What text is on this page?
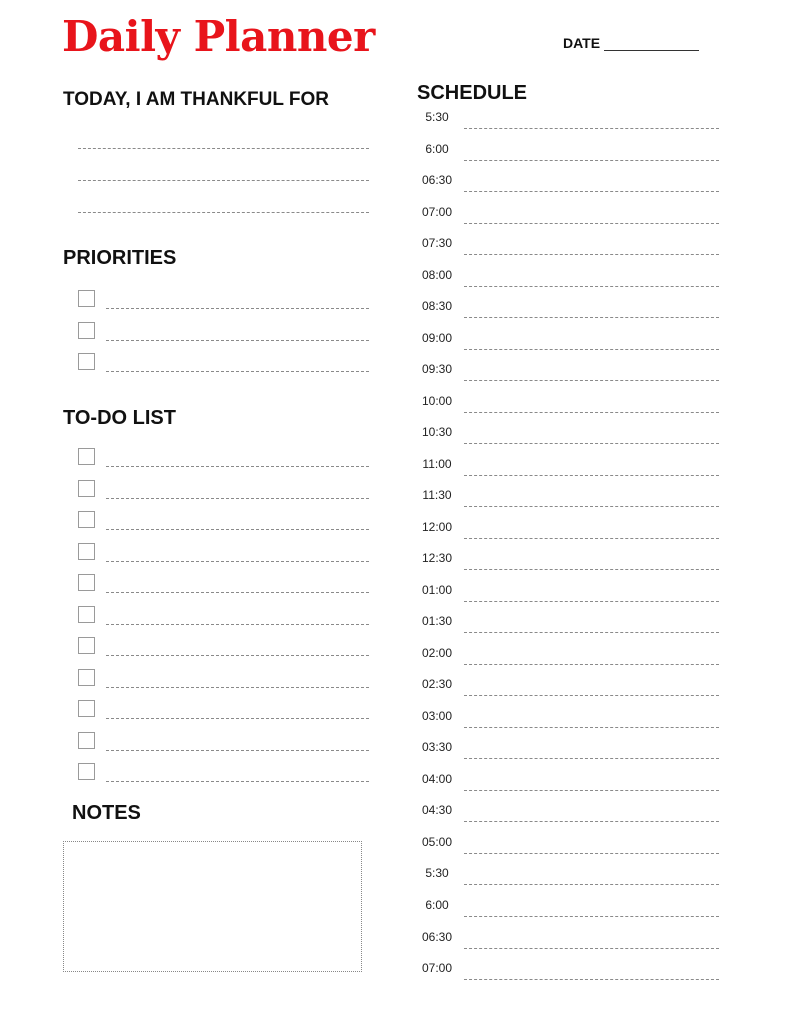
Daily Planner	DATE
TODAY, I AM THANKFUL FOR
PRIORITIES
TO-DO LIST
NOTES
SCHEDULE
5:30
6:00
06:30
07:00
07:30
08:00
08:30
09:00
09:30
10:00
10:30
11:00
11:30
12:00
12:30
01:00
01:30
02:00
02:30
03:00
03:30
04:00
04:30
05:00
5:30
6:00
06:30
07:00
